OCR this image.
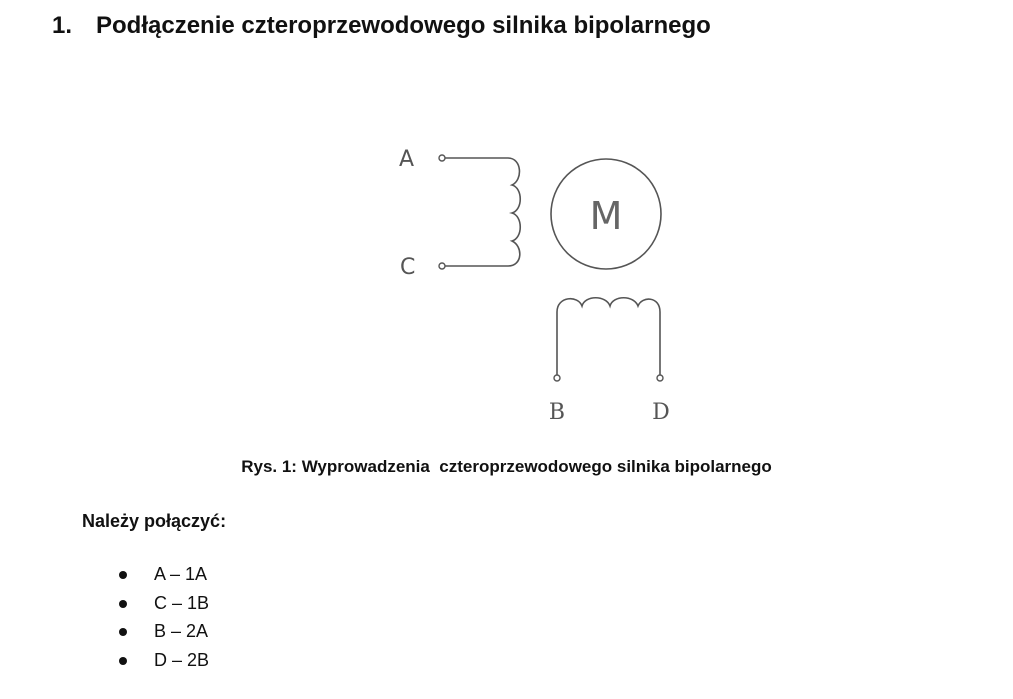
1. Podłączenie czteroprzewodowego silnika bipolarnego
A
C
M
B	D
Rys. 1: Wyprowadzenia  czteroprzewodowego silnika bipolarnego
Należy połączyć:
A – 1A
C – 1B
B – 2A
D – 2B
